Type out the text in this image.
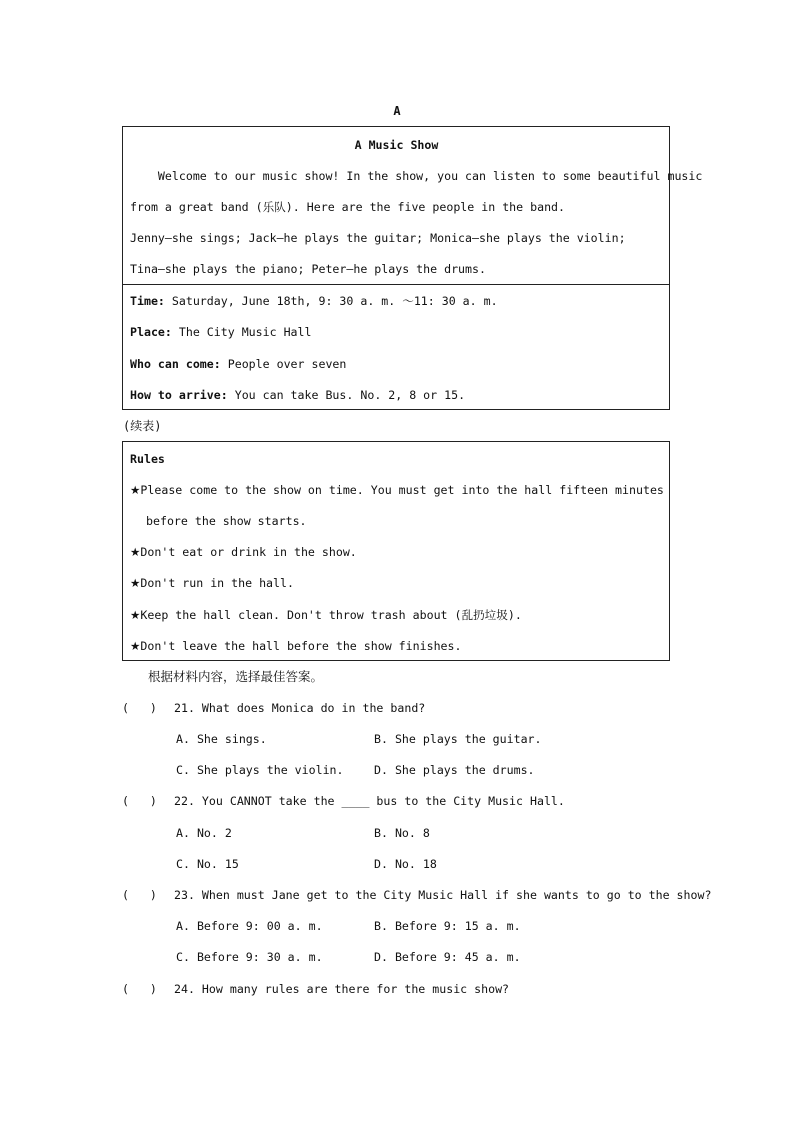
A
A Music Show
Welcome to our music show! In the show, you can listen to some beautiful music
from a great band (乐队). Here are the five people in the band.
Jenny—she sings; Jack—he plays the guitar; Monica—she plays the violin;
Tina—she plays the piano; Peter—he plays the drums.
Time: Saturday, June 18th, 9: 30 a. m. ～11: 30 a. m.
Place: The City Music Hall
Who can come: People over seven
How to arrive: You can take Bus. No. 2, 8 or 15.
(续表)
Rules
★Please come to the show on time. You must get into the hall fifteen minutes
before the show starts.
★Don't eat or drink in the show.
★Don't run in the hall.
★Keep the hall clean. Don't throw trash about (乱扔垃圾).
★Don't leave the hall before the show finishes.
根据材料内容，选择最佳答案。
(   ) 21. What does Monica do in the band?
A. She sings.	B. She plays the guitar.
C. She plays the violin.	D. She plays the drums.
(   ) 22. You CANNOT take the ____ bus to the City Music Hall.
A. No. 2	B. No. 8
C. No. 15	D. No. 18
(   ) 23. When must Jane get to the City Music Hall if she wants to go to the show?
A. Before 9: 00 a. m.	B. Before 9: 15 a. m.
C. Before 9: 30 a. m.	D. Before 9: 45 a. m.
(   ) 24. How many rules are there for the music show?
